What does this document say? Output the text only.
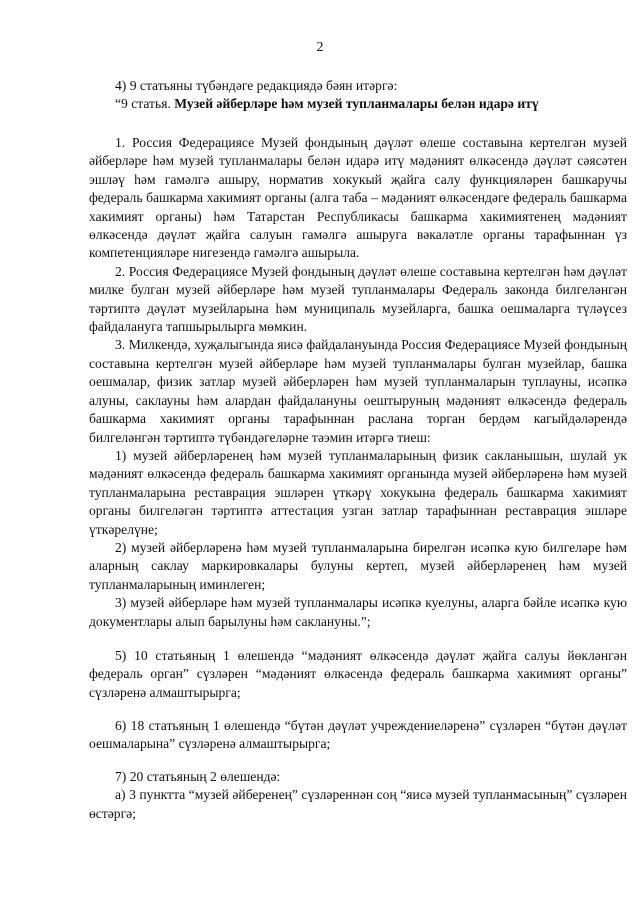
2

4) 9 статьяны түбәндәге редакциядә бәян итәргә:

“9 статья. Музей әйберләре һәм музей тупланмалары белән идарә итү

1. Россия Федерациясе Музей фондының дәүләт өлеше составына кертелгән музей әйберләре һәм музей тупланмалары белән идарә итү мәдәният өлкәсендә дәүләт сәясәтен эшләү һәм гамәлгә ашыру, норматив хокукый җайга салу функцияләрен башкаручы федераль башкарма хакимият органы (алга таба – мәдәният өлкәсендәге федераль башкарма хакимият органы) һәм Татарстан Республикасы башкарма хакимиятенең мәдәният өлкәсендә дәүләт җайга салуын гамәлгә ашыруга вәкаләтле органы тарафыннан үз компетенцияләре нигезендә гамәлгә ашырыла.

2. Россия Федерациясе Музей фондының дәүләт өлеше составына кертелгән һәм дәүләт милке булган музей әйберләре һәм музей тупланмалары Федераль законда билгеләнгән тәртиптә дәүләт музейларына һәм муниципаль музейларга, башка оешмаларга түләүсез файдалануга тапшырылырга мөмкин.

3. Милкендә, хуҗалыгында яисә файдалануында Россия Федерациясе Музей фондының составына кертелгән музей әйберләре һәм музей тупланмалары булган музейлар, башка оешмалар, физик затлар музей әйберләрен һәм музей тупланмаларын туплауны, исәпкә алуны, саклауны һәм алардан файдалануны оештыруның мәдәният өлкәсендә федераль башкарма хакимият органы тарафыннан раслана торган бердәм кагыйдәләрендә билгеләнгән тәртиптә түбәндәгеләрне тәэмин итәргә тиеш:

1) музей әйберләренең һәм музей тупланмаларының физик сакланышын, шулай ук мәдәният өлкәсендә федераль башкарма хакимият органында музей әйберләренә һәм музей тупланмаларына реставрация эшләрен үткәрү хокукына федераль башкарма хакимият органы билгеләгән тәртиптә аттестация узган затлар тарафыннан реставрация эшләре үткәрелүне;

2) музей әйберләренә һәм музей тупланмаларына бирелгән исәпкә кую билгеләре һәм аларның саклау маркировкалары булуны кертеп, музей әйберләренең һәм музей тупланмаларының иминлеген;

3) музей әйберләре һәм музей тупланмалары исәпкә куелуны, аларга бәйле исәпкә кую документлары алып барылуны һәм саклануны.”;

5) 10 статьяның 1 өлешендә “мәдәният өлкәсендә дәүләт җайга салуы йөкләнгән федераль орган” сүзләрен “мәдәният өлкәсендә федераль башкарма хакимият органы” сүзләренә алмаштырырга;

6) 18 статьяның 1 өлешендә “бүтән дәүләт учреждениеләренә” сүзләрен “бүтән дәүләт оешмаларына” сүзләренә алмаштырырга;

7) 20 статьяның 2 өлешендә:

а) 3 пунктта “музей әйберенең” сүзләреннән соң “яисә музей тупланмасының” сүзләрен өстәргә;
